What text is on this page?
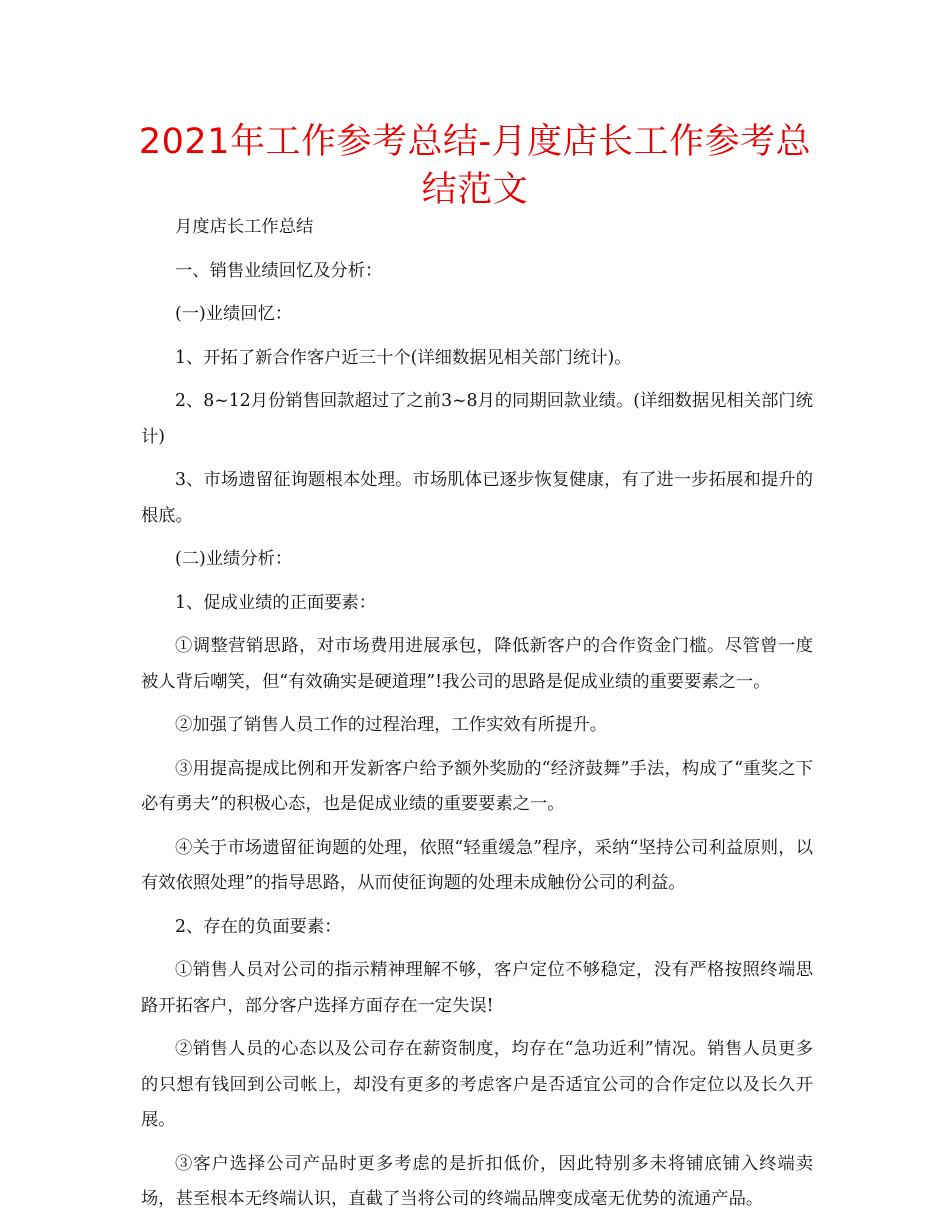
2021年工作参考总结-月度店长工作参考总结范文

月度店长工作总结

一、销售业绩回忆及分析：

(一)业绩回忆：

1、开拓了新合作客户近三十个(详细数据见相关部门统计)。

2、8~12月份销售回款超过了之前3~8月的同期回款业绩。(详细数据见相关部门统计)

3、市场遗留征询题根本处理。市场肌体已逐步恢复健康，有了进一步拓展和提升的根底。

(二)业绩分析：

1、促成业绩的正面要素：

①调整营销思路，对市场费用进展承包，降低新客户的合作资金门槛。尽管曾一度被人背后嘲笑，但“有效确实是硬道理”!我公司的思路是促成业绩的重要要素之一。

②加强了销售人员工作的过程治理，工作实效有所提升。

③用提高提成比例和开发新客户给予额外奖励的“经济鼓舞”手法，构成了“重奖之下必有勇夫”的积极心态，也是促成业绩的重要要素之一。

④关于市场遗留征询题的处理，依照“轻重缓急”程序，采纳“坚持公司利益原则，以有效依照处理”的指导思路，从而使征询题的处理未成触份公司的利益。

2、存在的负面要素：

①销售人员对公司的指示精神理解不够，客户定位不够稳定，没有严格按照终端思路开拓客户，部分客户选择方面存在一定失误!

②销售人员的心态以及公司存在薪资制度，均存在“急功近利”情况。销售人员更多的只想有钱回到公司帐上，却没有更多的考虑客户是否适宜公司的合作定位以及长久开展。

③客户选择公司产品时更多考虑的是折扣低价，因此特别多未将铺底铺入终端卖场，甚至根本无终端认识，直截了当将公司的终端品牌变成毫无优势的流通产品。
